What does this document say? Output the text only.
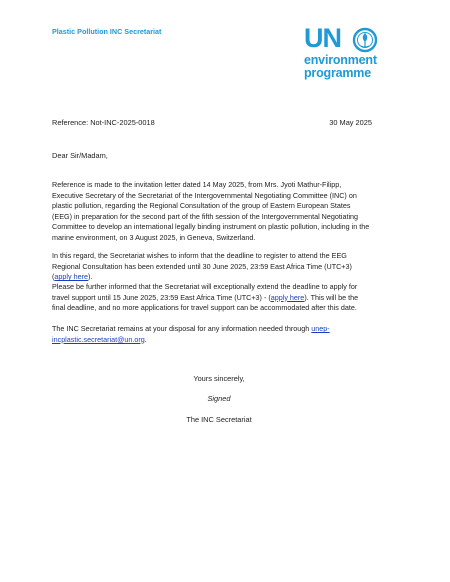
Plastic Pollution INC Secretariat	UN
environment
programme
Reference: Not-INC-2025-0018	30 May 2025
Dear Sir/Madam,
Reference is made to the invitation letter dated 14 May 2025, from Mrs. Jyoti Mathur-Filipp, Executive Secretary of the Secretariat of the Intergovernmental Negotiating Committee (INC) on plastic pollution, regarding the Regional Consultation of the group of Eastern European States (EEG) in preparation for the second part of the fifth session of the Intergovernmental Negotiating Committee to develop an international legally binding instrument on plastic pollution, including in the marine environment, on 3 August 2025, in Geneva, Switzerland.
In this regard, the Secretariat wishes to inform that the deadline to register to attend the EEG Regional Consultation has been extended until 30 June 2025, 23:59 East Africa Time (UTC+3) (apply here).
Please be further informed that the Secretariat will exceptionally extend the deadline to apply for travel support until 15 June 2025, 23:59 East Africa Time (UTC+3) - (apply here). This will be the final deadline, and no more applications for travel support can be accommodated after this date.
The INC Secretariat remains at your disposal for any information needed through unep-incplastic.secretariat@un.org.
Yours sincerely,
Signed
The INC Secretariat
